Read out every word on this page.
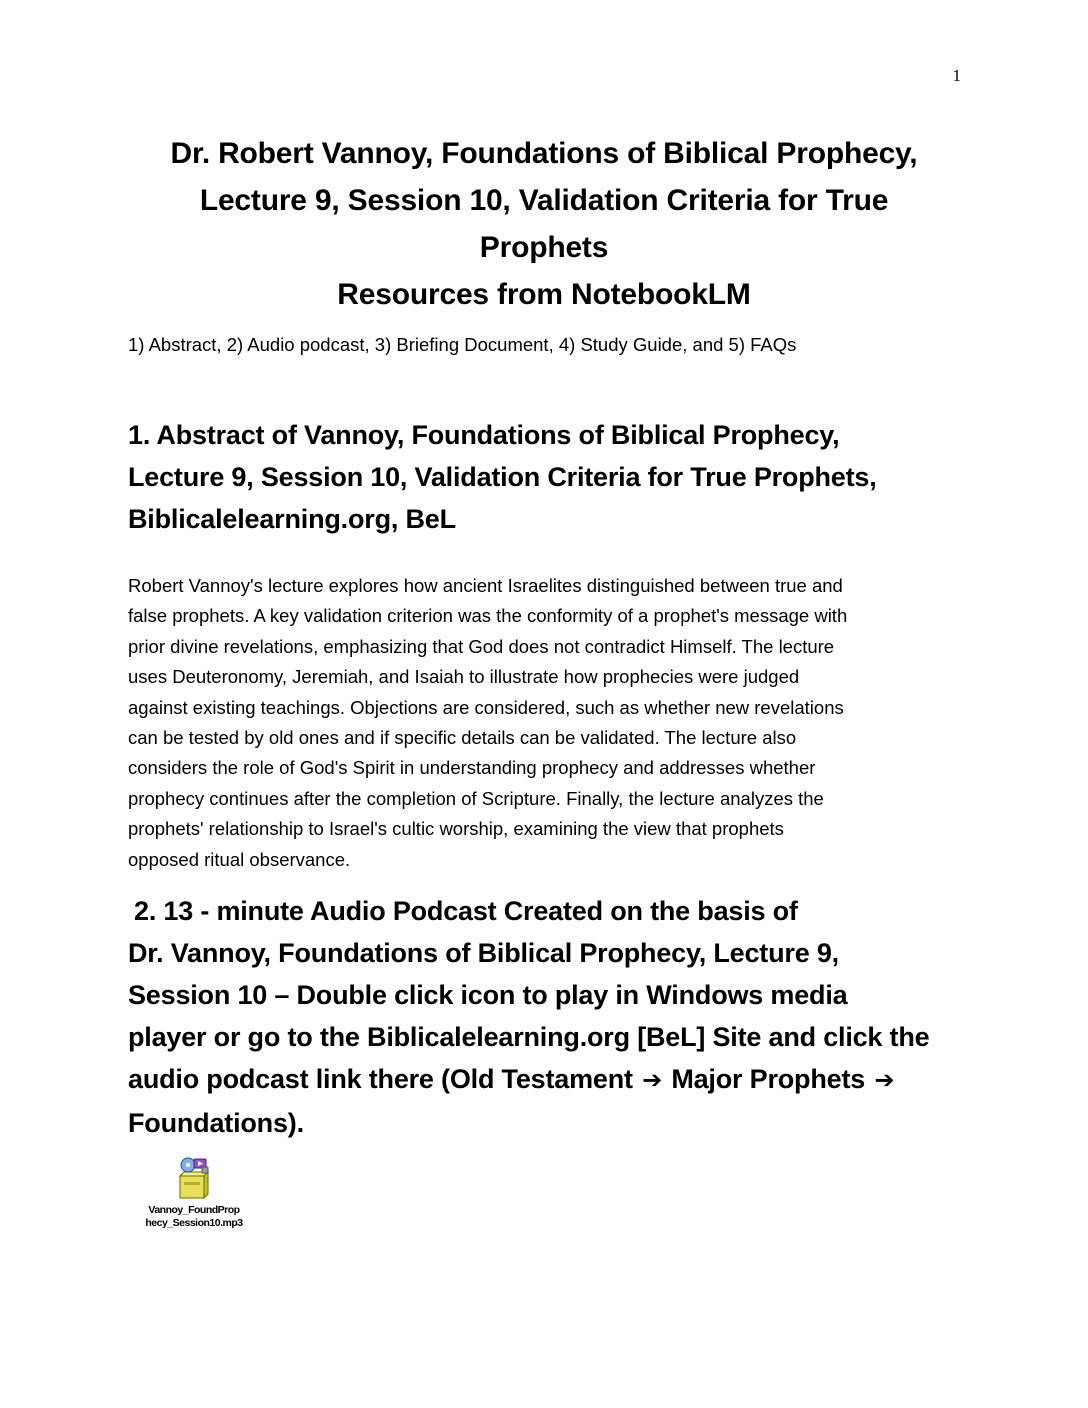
1
Dr. Robert Vannoy, Foundations of Biblical Prophecy,
Lecture 9, Session 10, Validation Criteria for True
Prophets
Resources from NotebookLM

1) Abstract, 2) Audio podcast, 3) Briefing Document, 4) Study Guide, and 5) FAQs

1. Abstract of Vannoy, Foundations of Biblical Prophecy,
Lecture 9, Session 10, Validation Criteria for True Prophets,
Biblicalelearning.org, BeL

Robert Vannoy's lecture explores how ancient Israelites distinguished between true and
false prophets. A key validation criterion was the conformity of a prophet's message with
prior divine revelations, emphasizing that God does not contradict Himself. The lecture
uses Deuteronomy, Jeremiah, and Isaiah to illustrate how prophecies were judged
against existing teachings. Objections are considered, such as whether new revelations
can be tested by old ones and if specific details can be validated. The lecture also
considers the role of God's Spirit in understanding prophecy and addresses whether
prophecy continues after the completion of Scripture. Finally, the lecture analyzes the
prophets' relationship to Israel's cultic worship, examining the view that prophets
opposed ritual observance.

2. 13 - minute Audio Podcast Created on the basis of
Dr. Vannoy, Foundations of Biblical Prophecy, Lecture 9,
Session 10 – Double click icon to play in Windows media
player or go to the Biblicalelearning.org [BeL] Site and click the
audio podcast link there (Old Testament ➔ Major Prophets ➔
Foundations).
Vannoy_FoundProp
hecy_Session10.mp3
